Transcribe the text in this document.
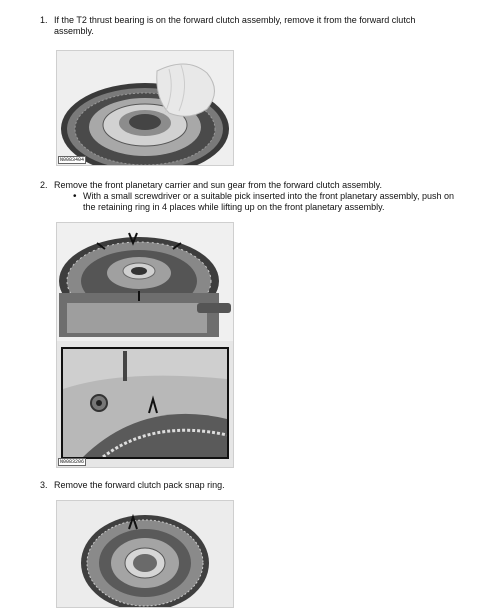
1. If the T2 thrust bearing is on the forward clutch assembly, remove it from the forward clutch
assembly.
N0083404
2. Remove the front planetary carrier and sun gear from the forward clutch assembly.
• With a small screwdriver or a suitable pick inserted into the front planetary assembly, push on
the retaining ring in 4 places while lifting up on the front planetary assembly.
N0083206
3. Remove the forward clutch pack snap ring.
